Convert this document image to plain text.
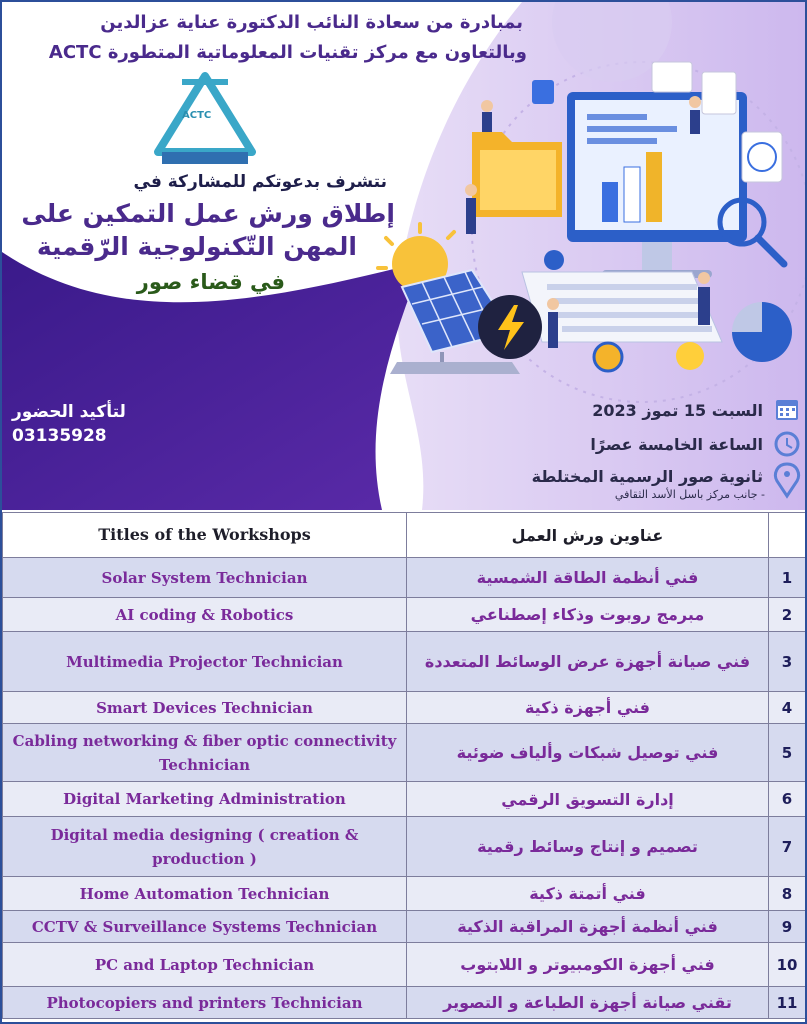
بمبادرة من سعادة النائب الدكتورة عناية عزالدين
وبالتعاون مع مركز تقنيات المعلوماتية المتطورة ACTC
ACTC
نتشرف بدعوتكم للمشاركة في
إطلاق ورش عمل التمكين على
المهن التّكنولوجية الرّقمية
في قضاء صور
لتأكيد الحضور
03135928
السبت 15 تموز 2023
الساعة الخامسة عصرًا
ثانوية صور الرسمية المختلطة
- جانب مركز باسل الأسد الثقافي
Titles of the Workshops	عناوين ورش العمل	
Solar System Technician	فني أنظمة الطاقة الشمسية	1
AI coding & Robotics	مبرمج روبوت وذكاء إصطناعي	2
Multimedia Projector Technician	فني صيانة أجهزة عرض الوسائط المتعددة	3
Smart Devices Technician	فني أجهزة ذكية	4
Cabling networking & fiber optic connectivity Technician	فني توصيل شبكات وألياف ضوئية	5
Digital Marketing Administration	إدارة التسويق الرقمي	6
Digital media designing ( creation & production )	تصميم و إنتاج وسائط رقمية	7
Home Automation Technician	فني أتمتة ذكية	8
CCTV & Surveillance Systems Technician	فني أنظمة أجهزة المراقبة الذكية	9
PC and Laptop Technician	فني أجهزة الكومبيوتر و اللابتوب	10
Photocopiers and printers Technician	تقني صيانة أجهزة الطباعة و التصوير	11
